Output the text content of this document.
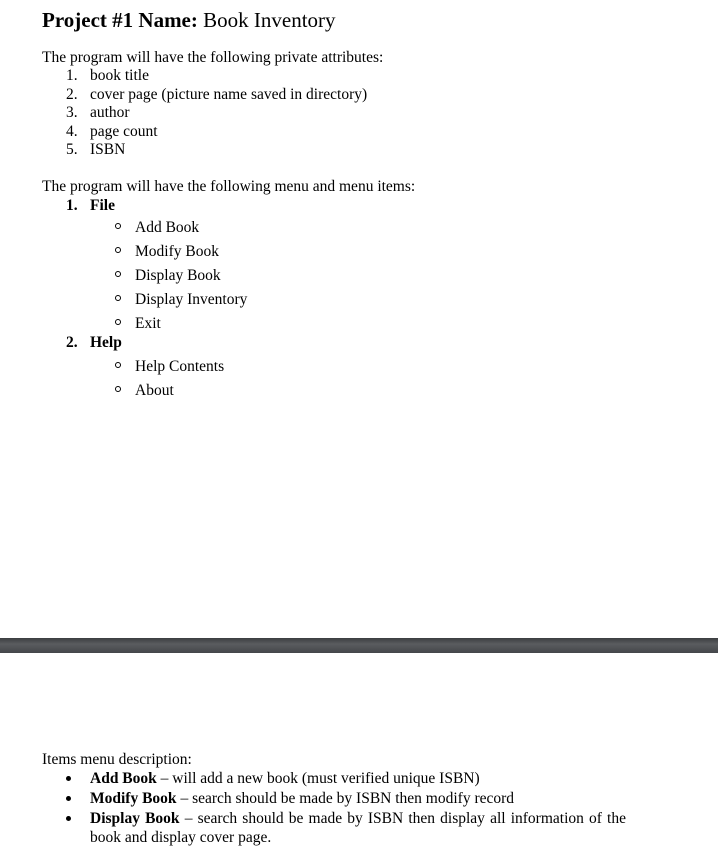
Project #1 Name: Book Inventory
The program will have the following private attributes:
1. book title
2. cover page (picture name saved in directory)
3. author
4. page count
5. ISBN
The program will have the following menu and menu items:
1. File
Add Book
Modify Book
Display Book
Display Inventory
Exit
2. Help
Help Contents
About
Items menu description:
Add Book – will add a new book (must verified unique ISBN)
Modify Book – search should be made by ISBN then modify record
Display Book – search should be made by ISBN then display all information of the book and display cover page.
